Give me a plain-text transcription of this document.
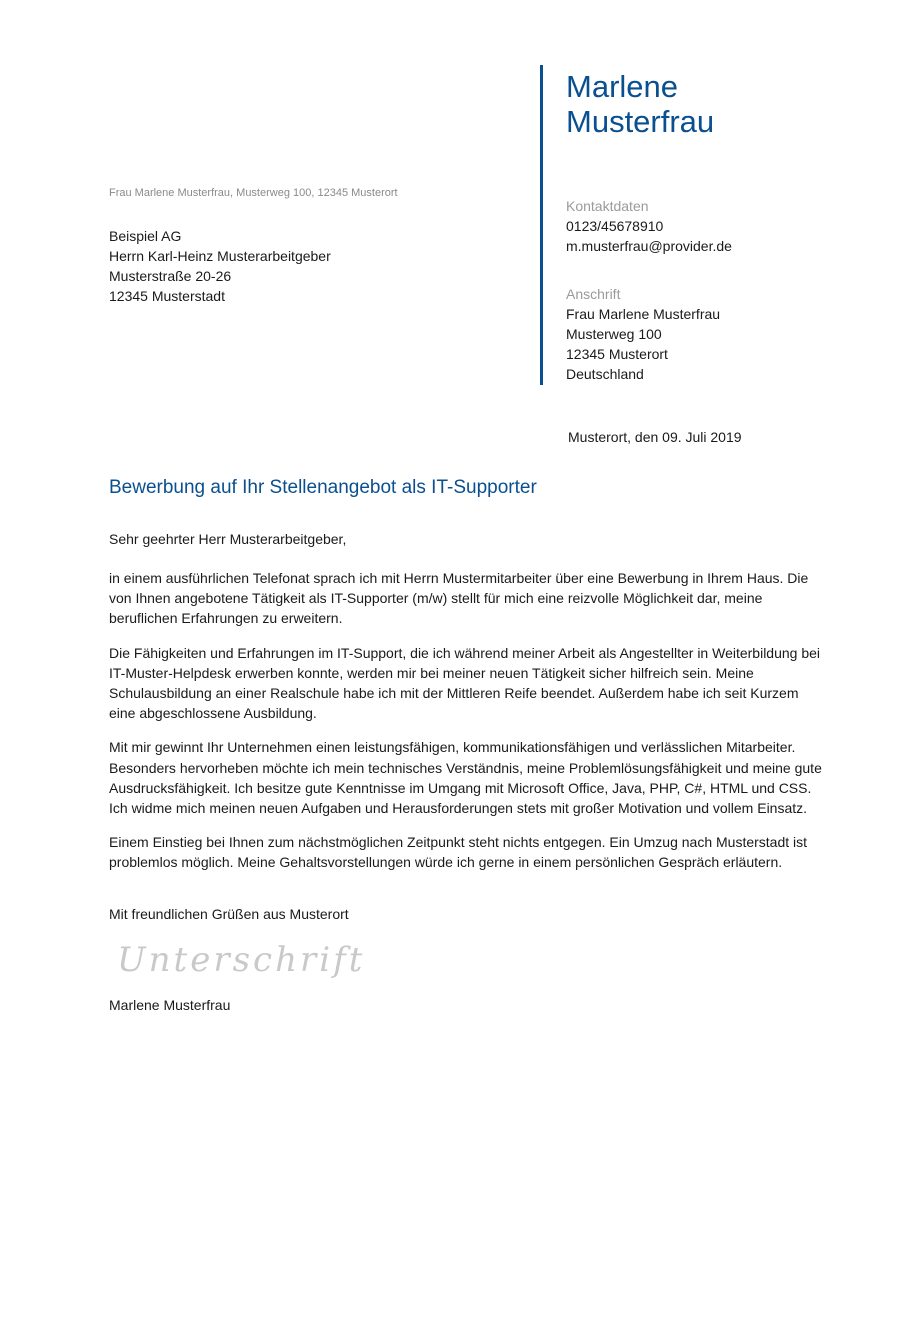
Marlene
Musterfrau
Kontaktdaten
0123/45678910
m.musterfrau@provider.de
Anschrift
Frau Marlene Musterfrau
Musterweg 100
12345 Musterort
Deutschland
Frau Marlene Musterfrau, Musterweg 100, 12345 Musterort
Beispiel AG
Herrn Karl-Heinz Musterarbeitgeber
Musterstraße 20-26
12345 Musterstadt
Musterort, den 09. Juli 2019
Bewerbung auf Ihr Stellenangebot als IT-Supporter
Sehr geehrter Herr Musterarbeitgeber,

in einem ausführlichen Telefonat sprach ich mit Herrn Mustermitarbeiter über eine Bewerbung in Ihrem Haus. Die von Ihnen angebotene Tätigkeit als IT-Supporter (m/w) stellt für mich eine reizvolle Möglichkeit dar, meine beruflichen Erfahrungen zu erweitern.

Die Fähigkeiten und Erfahrungen im IT-Support, die ich während meiner Arbeit als Angestellter in Weiterbildung bei IT-Muster-Helpdesk erwerben konnte, werden mir bei meiner neuen Tätigkeit sicher hilfreich sein. Meine Schulausbildung an einer Realschule habe ich mit der Mittleren Reife beendet. Außerdem habe ich seit Kurzem eine abgeschlossene Ausbildung.

Mit mir gewinnt Ihr Unternehmen einen leistungsfähigen, kommunikationsfähigen und verlässlichen Mitarbeiter. Besonders hervorheben möchte ich mein technisches Verständnis, meine Problemlösungsfähigkeit und meine gute Ausdrucksfähigkeit. Ich besitze gute Kenntnisse im Umgang mit Microsoft Office, Java, PHP, C#, HTML und CSS. Ich widme mich meinen neuen Aufgaben und Herausforderungen stets mit großer Motivation und vollem Einsatz.

Einem Einstieg bei Ihnen zum nächstmöglichen Zeitpunkt steht nichts entgegen. Ein Umzug nach Musterstadt ist problemlos möglich. Meine Gehaltsvorstellungen würde ich gerne in einem persönlichen Gespräch erläutern.

Mit freundlichen Grüßen aus Musterort
Unterschrift
Marlene Musterfrau
